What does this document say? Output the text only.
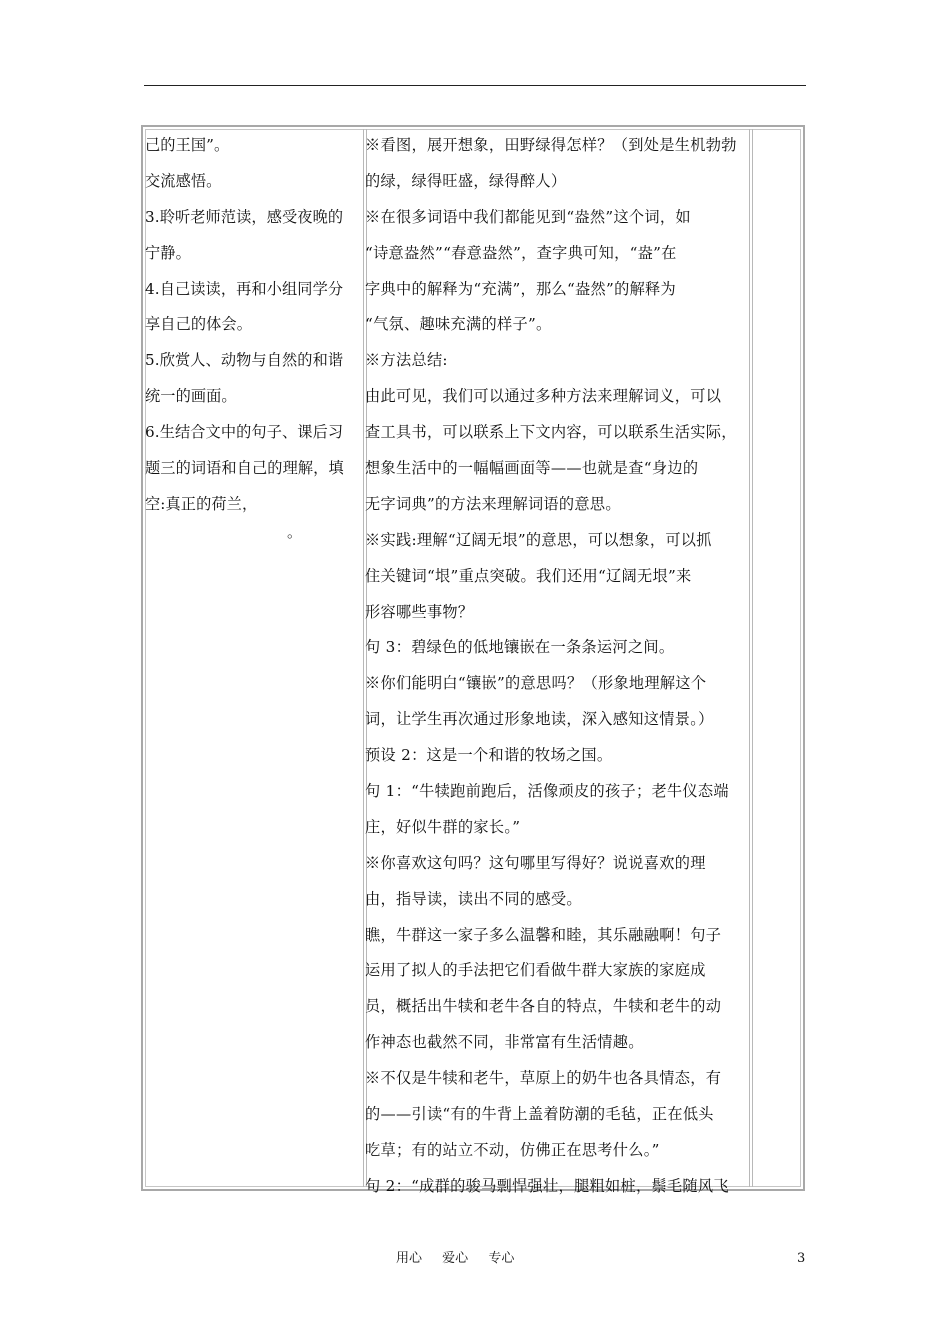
己的王国”。
交流感悟。
3.聆听老师范读，感受夜晚的
宁静。
4.自己读读，再和小组同学分
享自己的体会。
5.欣赏人、动物与自然的和谐
统一的画面。
6.生结合文中的句子、课后习
题三的词语和自己的理解，填
空:真正的荷兰，
。
※看图，展开想象，田野绿得怎样？（到处是生机勃勃
的绿，绿得旺盛，绿得醉人）
※在很多词语中我们都能见到“盎然”这个词，如
“诗意盎然”“春意盎然”，查字典可知，“盎”在
字典中的解释为“充满”，那么“盎然”的解释为
“气氛、趣味充满的样子”。
※方法总结:
由此可见，我们可以通过多种方法来理解词义，可以
查工具书，可以联系上下文内容，可以联系生活实际，
想象生活中的一幅幅画面等——也就是查“身边的
无字词典”的方法来理解词语的意思。
※实践:理解“辽阔无垠”的意思，可以想象，可以抓
住关键词“垠”重点突破。我们还用“辽阔无垠”来
形容哪些事物？
句 3：碧绿色的低地镶嵌在一条条运河之间。
※你们能明白“镶嵌”的意思吗？（形象地理解这个
词，让学生再次通过形象地读，深入感知这情景。）
预设 2：这是一个和谐的牧场之国。
句 1：“牛犊跑前跑后，活像顽皮的孩子；老牛仪态端
庄，好似牛群的家长。”
※你喜欢这句吗？这句哪里写得好？说说喜欢的理
由，指导读，读出不同的感受。
瞧，牛群这一家子多么温馨和睦，其乐融融啊！句子
运用了拟人的手法把它们看做牛群大家族的家庭成
员，概括出牛犊和老牛各自的特点，牛犊和老牛的动
作神态也截然不同，非常富有生活情趣。
※不仅是牛犊和老牛，草原上的奶牛也各具情态，有
的——引读“有的牛背上盖着防潮的毛毡，正在低头
吃草；有的站立不动，仿佛正在思考什么。”
句 2：“成群的骏马剽悍强壮，腿粗如桩，鬃毛随风飞
用心 爱心 专心	3
